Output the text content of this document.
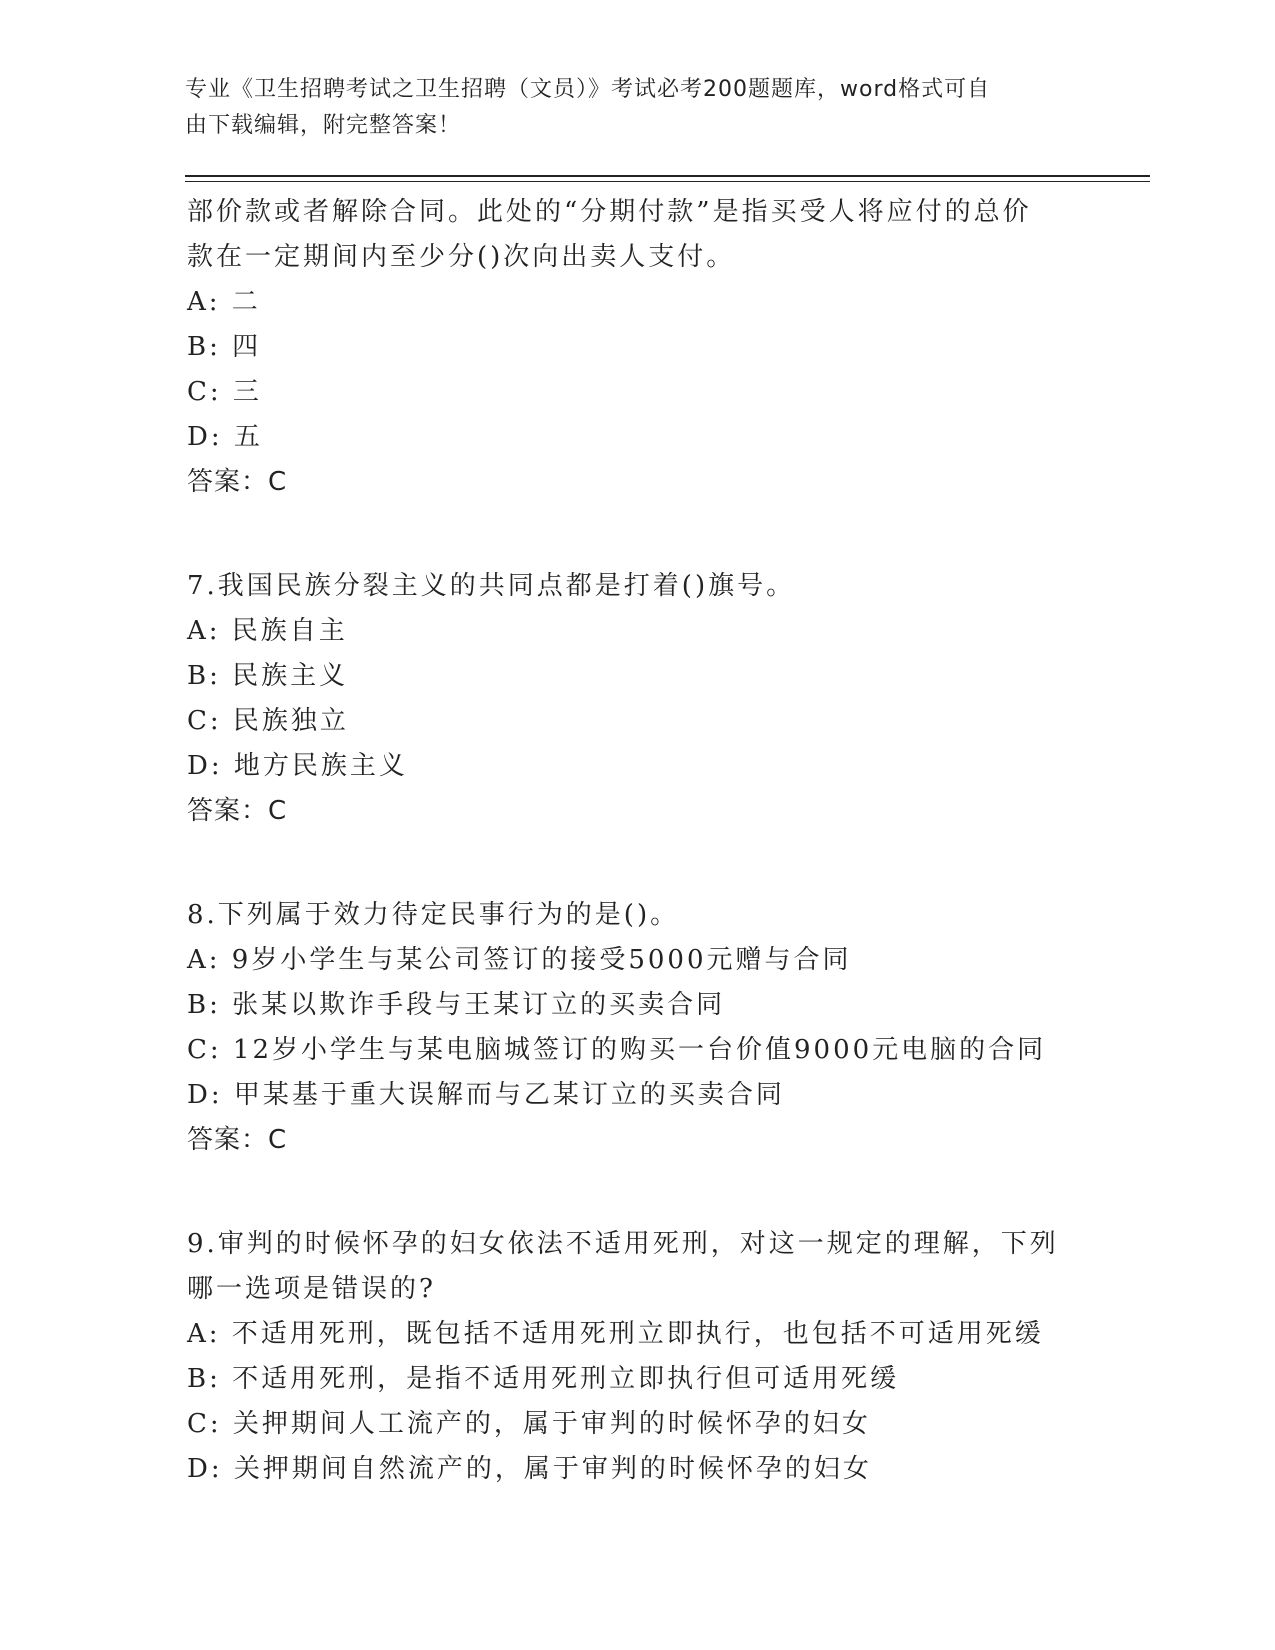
专业《卫生招聘考试之卫生招聘（文员）》考试必考200题题库，word格式可自
由下载编辑，附完整答案！
部价款或者解除合同。此处的“分期付款”是指买受人将应付的总价
款在一定期间内至少分()次向出卖人支付。
A: 二
B: 四
C: 三
D: 五
答案：C
7.我国民族分裂主义的共同点都是打着()旗号。
A: 民族自主
B: 民族主义
C: 民族独立
D: 地方民族主义
答案：C
8.下列属于效力待定民事行为的是()。
A: 9岁小学生与某公司签订的接受5000元赠与合同
B: 张某以欺诈手段与王某订立的买卖合同
C: 12岁小学生与某电脑城签订的购买一台价值9000元电脑的合同
D: 甲某基于重大误解而与乙某订立的买卖合同
答案：C
9.审判的时候怀孕的妇女依法不适用死刑，对这一规定的理解，下列
哪一选项是错误的?
A: 不适用死刑，既包括不适用死刑立即执行，也包括不可适用死缓
B: 不适用死刑，是指不适用死刑立即执行但可适用死缓
C: 关押期间人工流产的，属于审判的时候怀孕的妇女
D: 关押期间自然流产的，属于审判的时候怀孕的妇女
